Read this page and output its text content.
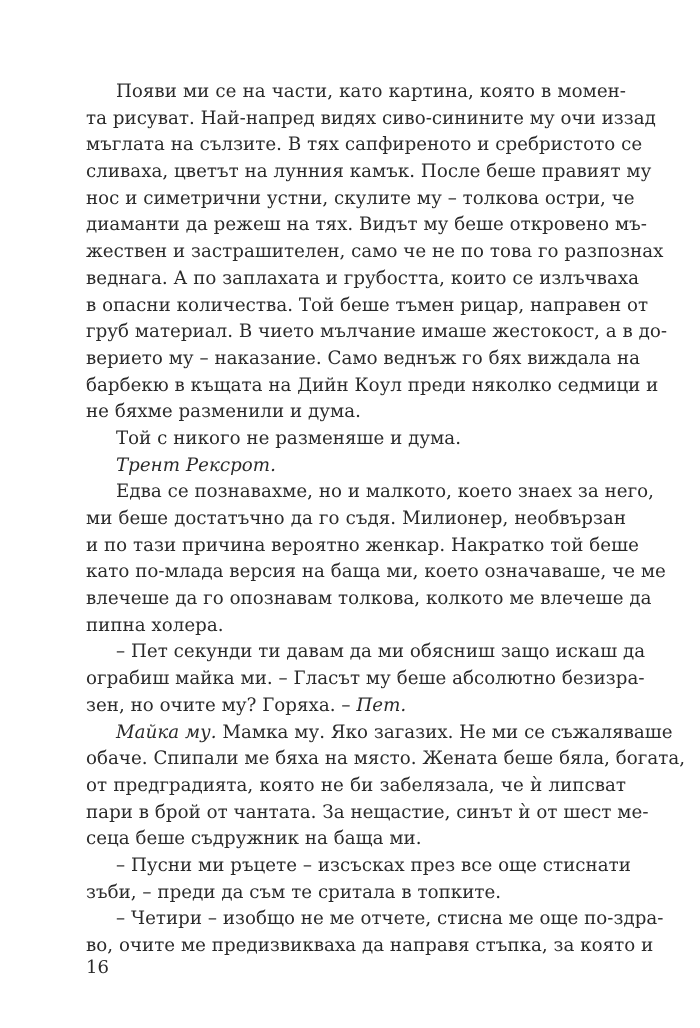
Появи ми се на части, като картина, която в момен-
та рисуват. Най-напред видях сиво-синините му очи иззад
мъглата на сълзите. В тях сапфиреното и сребристото се
сливаха, цветът на лунния камък. После беше правият му
нос и симетрични устни, скулите му – толкова остри, че
диаманти да режеш на тях. Видът му беше откровено мъ-
жествен и застрашителен, само че не по това го разпознах
веднага. А по заплахата и грубостта, които се излъчваха
в опасни количества. Той беше тъмен рицар, направен от
груб материал. В чието мълчание имаше жестокост, а в до-
верието му – наказание. Само веднъж го бях виждала на
барбекю в къщата на Дийн Коул преди няколко седмици и
не бяхме разменили и дума.
Той с никого не разменяше и дума.
Трент Рексрот.
Едва се познавахме, но и малкото, което знаех за него,
ми беше достатъчно да го съдя. Милионер, необвързан
и по тази причина вероятно женкар. Накратко той беше
като по-млада версия на баща ми, което означаваше, че ме
влечеше да го опознавам толкова, колкото ме влечеше да
пипна холера.
– Пет секунди ти давам да ми обясниш защо искаш да
ограбиш майка ми. – Гласът му беше абсолютно безизра-
зен, но очите му? Горяха. – Пет.
Майка му. Мамка му. Яко загазих. Не ми се съжаляваше
обаче. Спипали ме бяха на място. Жената беше бяла, богата,
от предградията, която не би забелязала, че ѝ липсват
пари в брой от чантата. За нещастие, синът ѝ от шест ме-
сеца беше съдружник на баща ми.
– Пусни ми ръцете – изсъсках през все още стиснати
зъби, – преди да съм те сритала в топките.
– Четири – изобщо не ме отчете, стисна ме още по-здра-
во, очите ме предизвикваха да направя стъпка, за която и
16
